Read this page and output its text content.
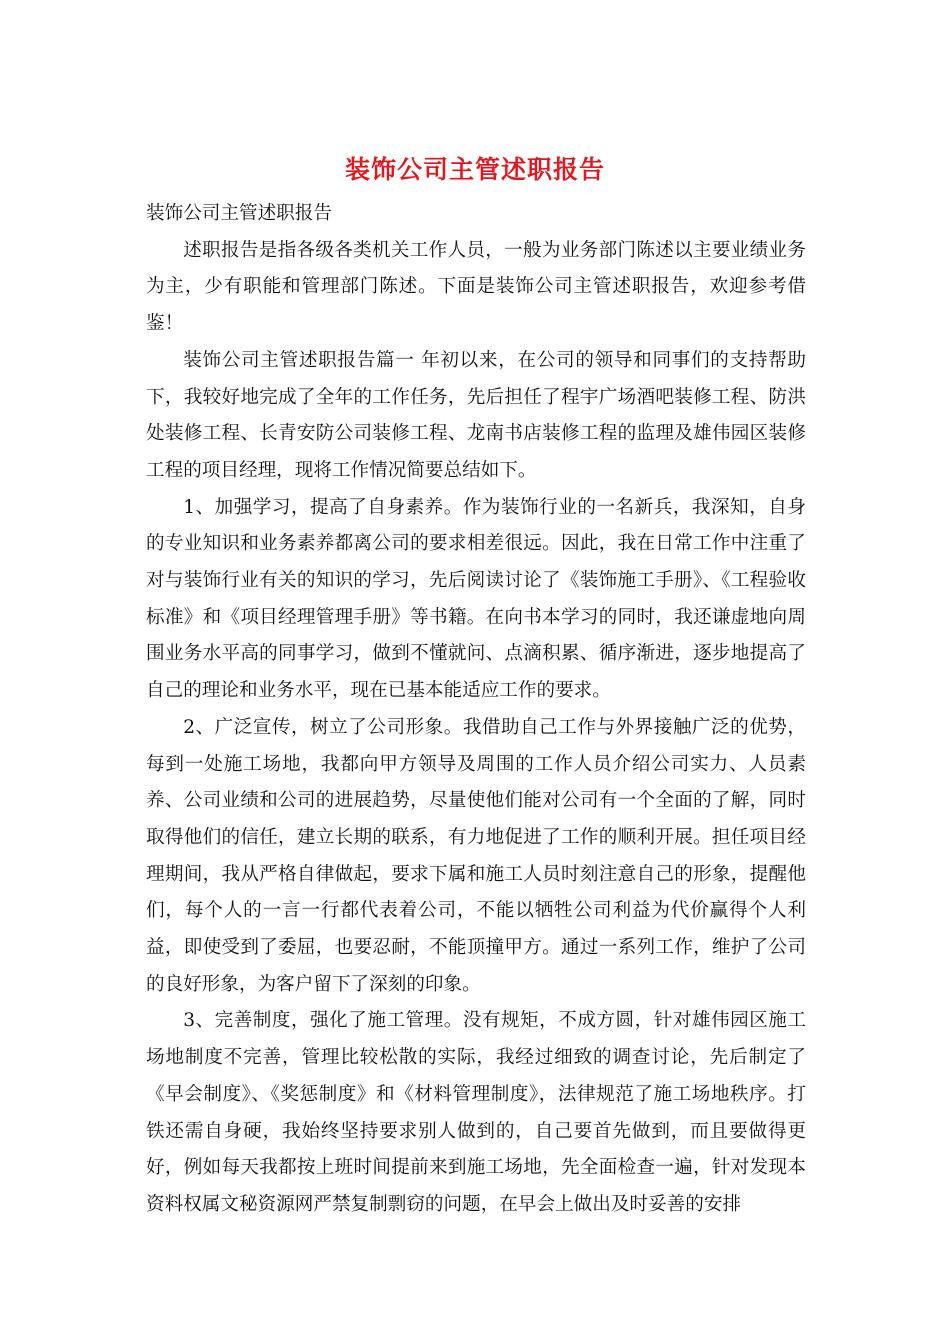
装饰公司主管述职报告

装饰公司主管述职报告

述职报告是指各级各类机关工作人员，一般为业务部门陈述以主要业绩业务为主，少有职能和管理部门陈述。下面是装饰公司主管述职报告，欢迎参考借鉴！

装饰公司主管述职报告篇一 年初以来，在公司的领导和同事们的支持帮助下，我较好地完成了全年的工作任务，先后担任了程宇广场酒吧装修工程、防洪处装修工程、长青安防公司装修工程、龙南书店装修工程的监理及雄伟园区装修工程的项目经理，现将工作情况简要总结如下。

1、加强学习，提高了自身素养。作为装饰行业的一名新兵，我深知，自身的专业知识和业务素养都离公司的要求相差很远。因此，我在日常工作中注重了对与装饰行业有关的知识的学习，先后阅读讨论了《装饰施工手册》、《工程验收标准》和《项目经理管理手册》等书籍。在向书本学习的同时，我还谦虚地向周围业务水平高的同事学习，做到不懂就问、点滴积累、循序渐进，逐步地提高了自己的理论和业务水平，现在已基本能适应工作的要求。

2、广泛宣传，树立了公司形象。我借助自己工作与外界接触广泛的优势，每到一处施工场地，我都向甲方领导及周围的工作人员介绍公司实力、人员素养、公司业绩和公司的进展趋势，尽量使他们能对公司有一个全面的了解，同时取得他们的信任，建立长期的联系，有力地促进了工作的顺利开展。担任项目经理期间，我从严格自律做起，要求下属和施工人员时刻注意自己的形象，提醒他们，每个人的一言一行都代表着公司，不能以牺牲公司利益为代价赢得个人利益，即使受到了委屈，也要忍耐，不能顶撞甲方。通过一系列工作，维护了公司的良好形象，为客户留下了深刻的印象。

3、完善制度，强化了施工管理。没有规矩，不成方圆，针对雄伟园区施工场地制度不完善，管理比较松散的实际，我经过细致的调查讨论，先后制定了《早会制度》、《奖惩制度》和《材料管理制度》，法律规范了施工场地秩序。打铁还需自身硬，我始终坚持要求别人做到的，自己要首先做到，而且要做得更好，例如每天我都按上班时间提前来到施工场地，先全面检查一遍，针对发现本资料权属文秘资源网严禁复制剽窃的问题，在早会上做出及时妥善的安排
